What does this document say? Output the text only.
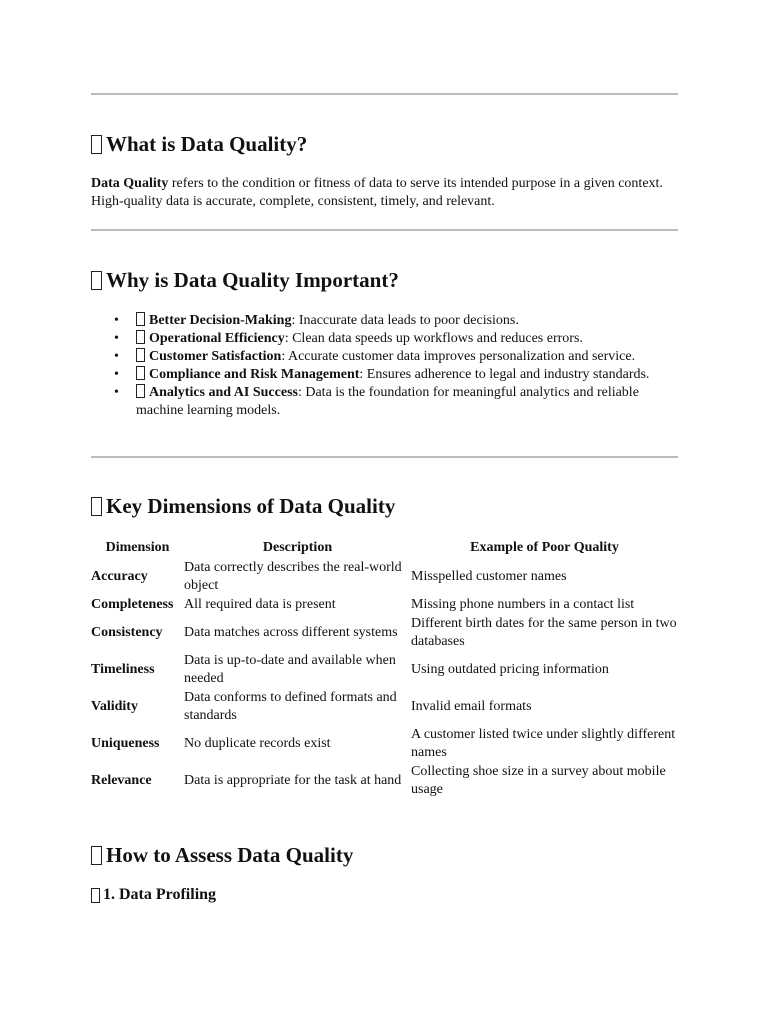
What is Data Quality?

Data Quality refers to the condition or fitness of data to serve its intended purpose in a given context. High-quality data is accurate, complete, consistent, timely, and relevant.

Why is Data Quality Important?
• Better Decision-Making: Inaccurate data leads to poor decisions.
• Operational Efficiency: Clean data speeds up workflows and reduces errors.
• Customer Satisfaction: Accurate customer data improves personalization and service.
• Compliance and Risk Management: Ensures adherence to legal and industry standards.
• Analytics and AI Success: Data is the foundation for meaningful analytics and reliable machine learning models.
Key Dimensions of Data Quality
Dimension	Description	Example of Poor Quality
Accuracy	Data correctly describes the real-world object	Misspelled customer names
Completeness	All required data is present	Missing phone numbers in a contact list
Consistency	Data matches across different systems	Different birth dates for the same person in two databases
Timeliness	Data is up-to-date and available when needed	Using outdated pricing information
Validity	Data conforms to defined formats and standards	Invalid email formats
Uniqueness	No duplicate records exist	A customer listed twice under slightly different names
Relevance	Data is appropriate for the task at hand	Collecting shoe size in a survey about mobile usage
How to Assess Data Quality
1. Data Profiling
